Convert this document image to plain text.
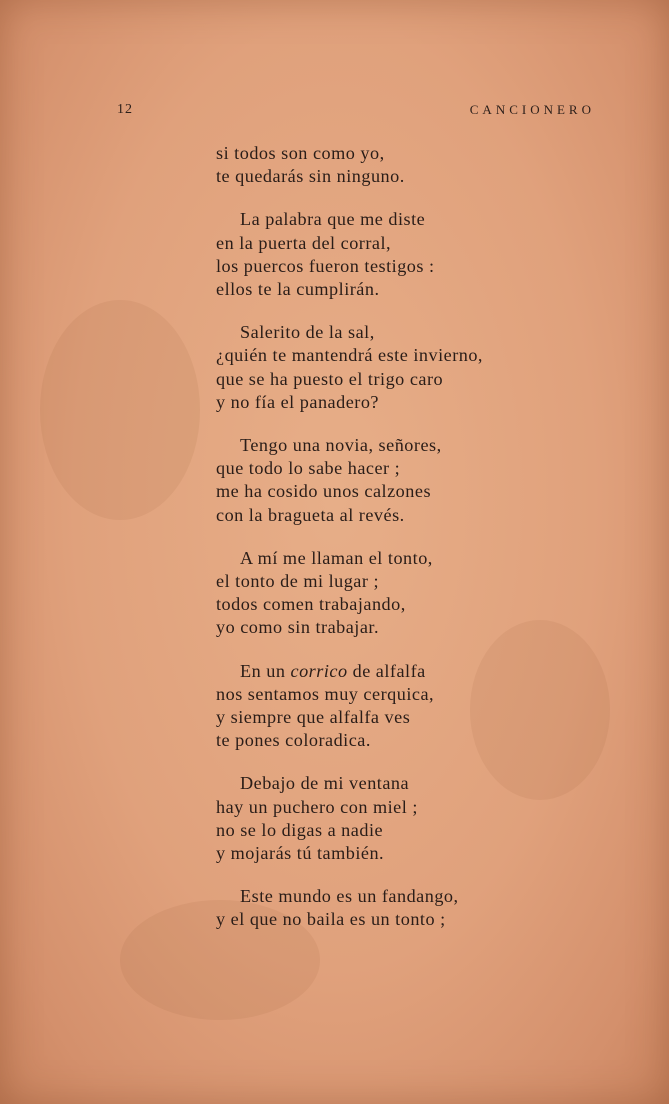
12	CANCIONERO
si todos son como yo,
te quedarás sin ninguno.
La palabra que me diste
en la puerta del corral,
los puercos fueron testigos :
ellos te la cumplirán.
Salerito de la sal,
¿quién te mantendrá este invierno,
que se ha puesto el trigo caro
y no fía el panadero?
Tengo una novia, señores,
que todo lo sabe hacer ;
me ha cosido unos calzones
con la bragueta al revés.
A mí me llaman el tonto,
el tonto de mi lugar ;
todos comen trabajando,
yo como sin trabajar.
En un corrico de alfalfa
nos sentamos muy cerquica,
y siempre que alfalfa ves
te pones coloradica.
Debajo de mi ventana
hay un puchero con miel ;
no se lo digas a nadie
y mojarás tú también.
Este mundo es un fandango,
y el que no baila es un tonto ;
